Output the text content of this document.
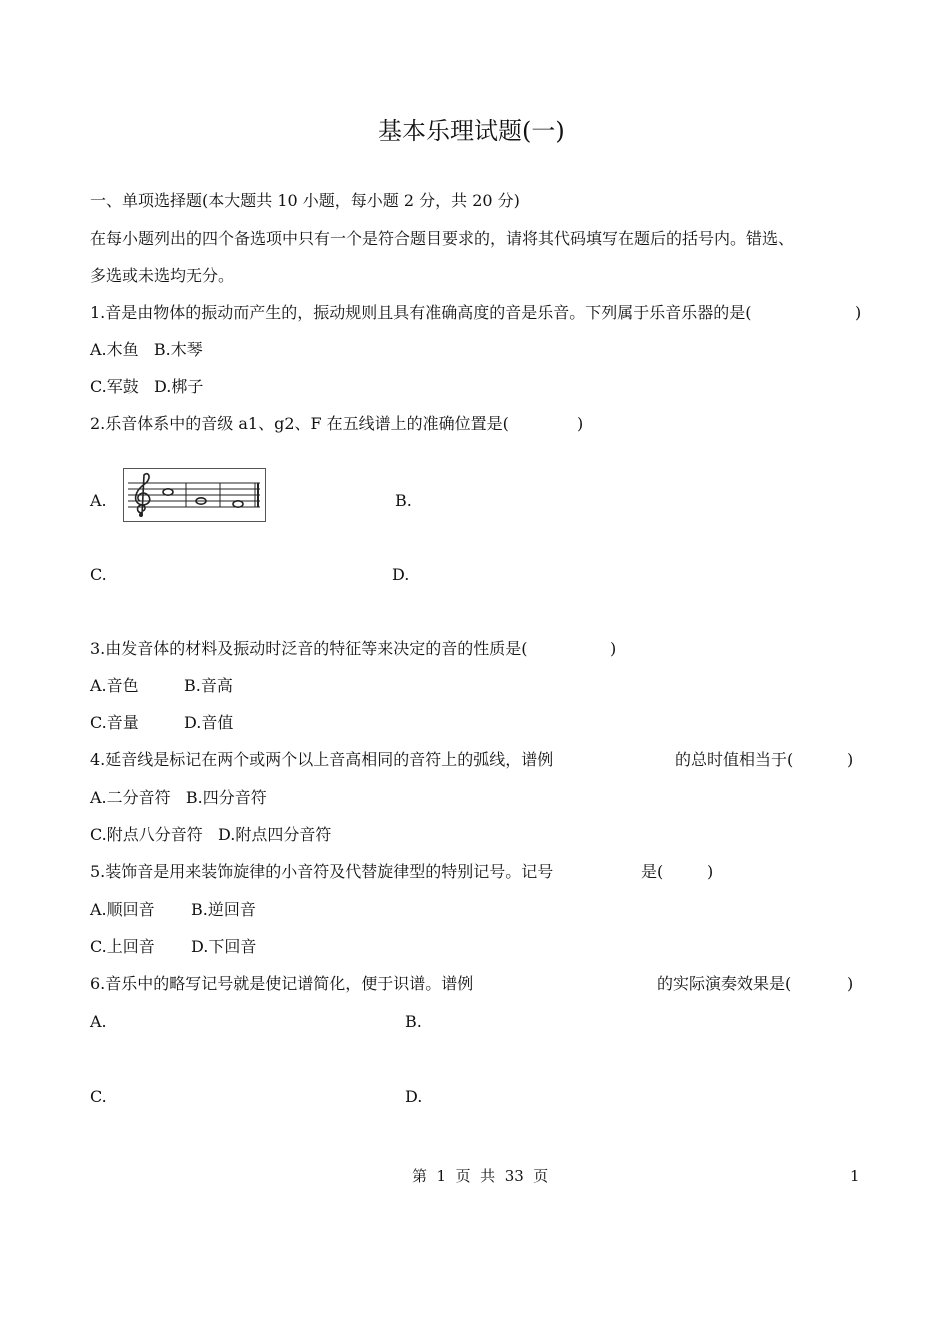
基本乐理试题(一)
一、单项选择题(本大题共 10 小题，每小题 2 分，共 20 分)
在每小题列出的四个备选项中只有一个是符合题目要求的，请将其代码填写在题后的括号内。错选、
多选或未选均无分。
1.音是由物体的振动而产生的，振动规则且具有准确高度的音是乐音。下列属于乐音乐器的是(	)
A.木鱼   B.木琴
C.军鼓   D.梆子
2.乐音体系中的音级 a1、g2、F 在五线谱上的准确位置是(	)
A.	B.
C.	D.
3.由发音体的材料及振动时泛音的特征等来决定的音的性质是(	)
A.音色	B.音高
C.音量	D.音值
4.延音线是标记在两个或两个以上音高相同的音符上的弧线，谱例	的总时值相当于(	)
A.二分音符   B.四分音符
C.附点八分音符   D.附点四分音符
5.装饰音是用来装饰旋律的小音符及代替旋律型的特别记号。记号	是(	)
A.顺回音 B.逆回音
C.上回音 D.下回音
6.音乐中的略写记号就是使记谱简化，便于识谱。谱例	的实际演奏效果是(	)
A.	B.
C.	D.
第  1  页  共  33  页	1
